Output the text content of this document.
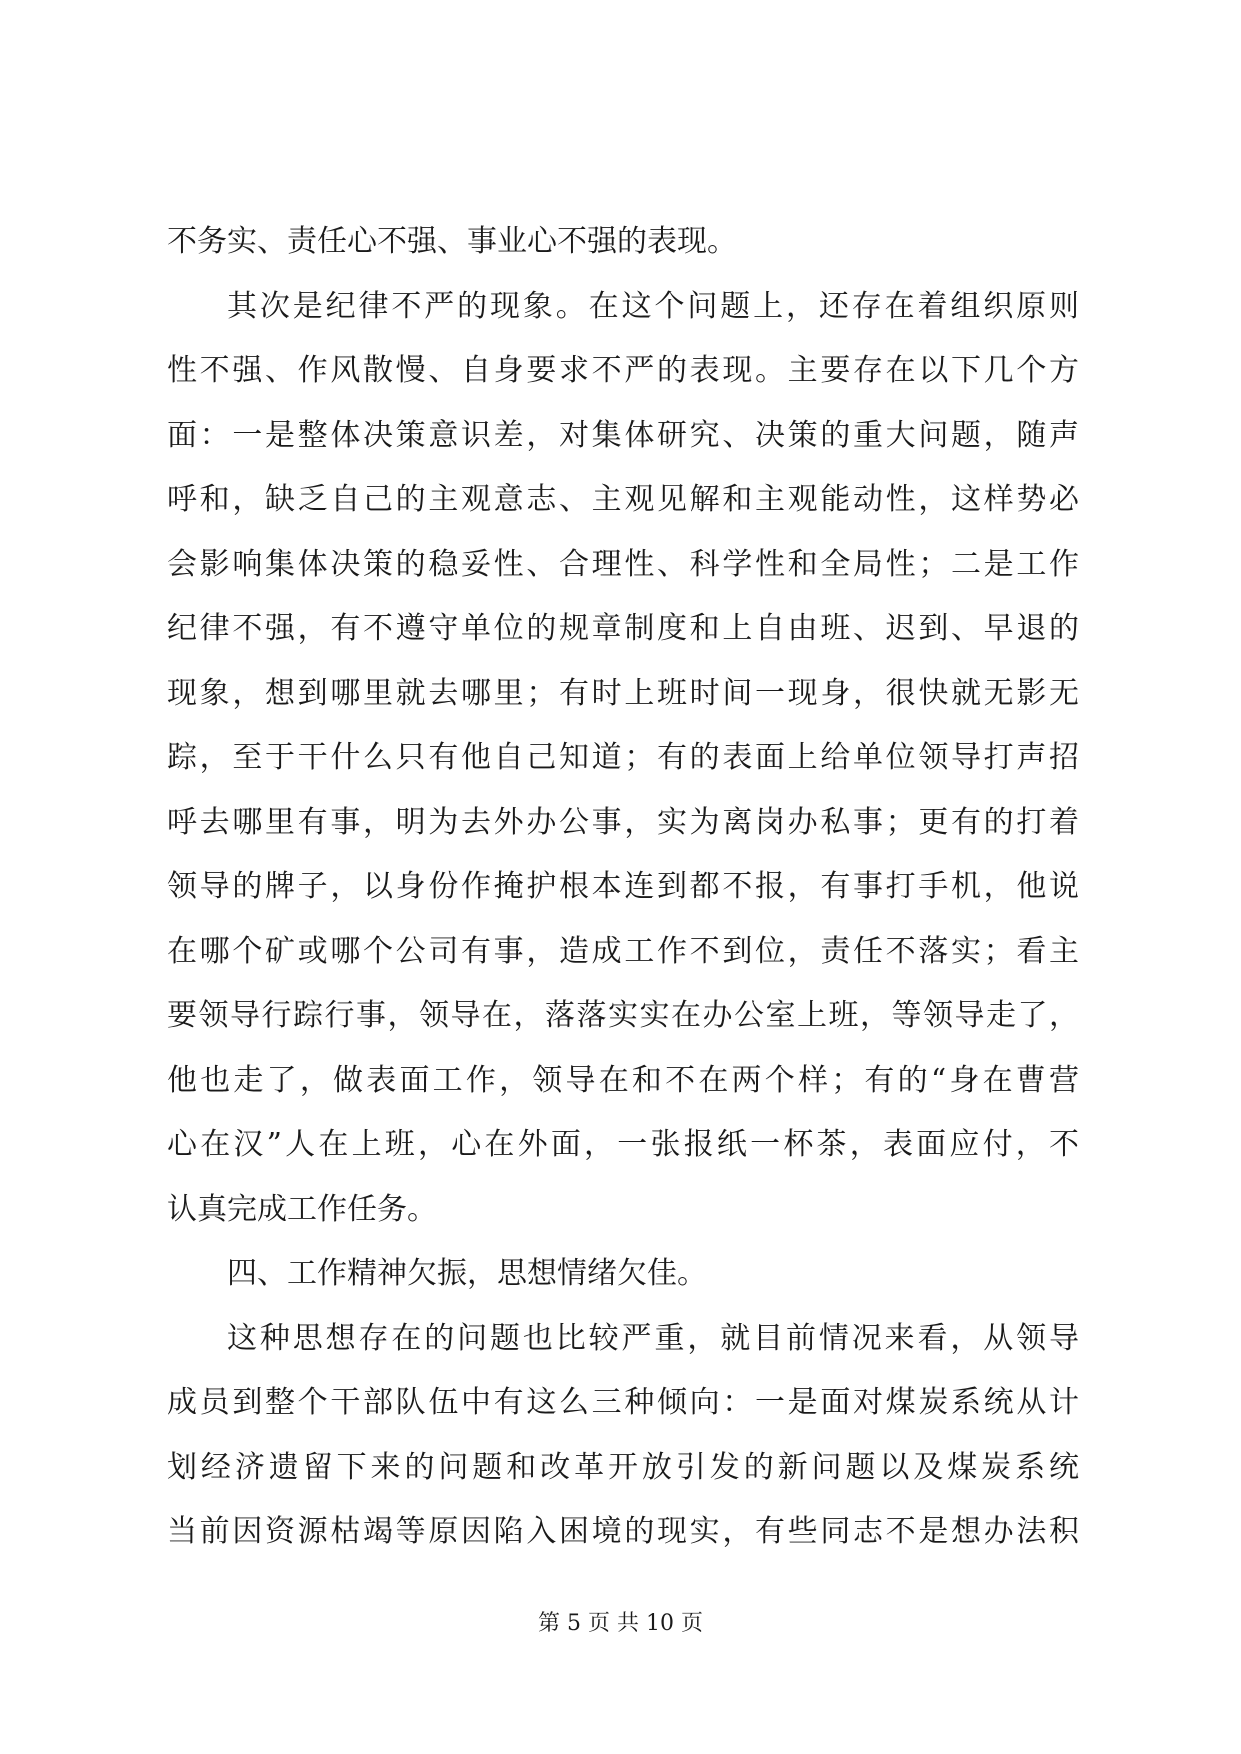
不务实、责任心不强、事业心不强的表现。
其次是纪律不严的现象。在这个问题上，还存在着组织原则
性不强、作风散慢、自身要求不严的表现。主要存在以下几个方
面：一是整体决策意识差，对集体研究、决策的重大问题，随声
呼和，缺乏自己的主观意志、主观见解和主观能动性，这样势必
会影响集体决策的稳妥性、合理性、科学性和全局性；二是工作
纪律不强，有不遵守单位的规章制度和上自由班、迟到、早退的
现象，想到哪里就去哪里；有时上班时间一现身，很快就无影无
踪，至于干什么只有他自己知道；有的表面上给单位领导打声招
呼去哪里有事，明为去外办公事，实为离岗办私事；更有的打着
领导的牌子，以身份作掩护根本连到都不报，有事打手机，他说
在哪个矿或哪个公司有事，造成工作不到位，责任不落实；看主
要领导行踪行事，领导在，落落实实在办公室上班，等领导走了，
他也走了，做表面工作，领导在和不在两个样；有的“身在曹营
心在汉”人在上班，心在外面，一张报纸一杯茶，表面应付，不
认真完成工作任务。
四、工作精神欠振，思想情绪欠佳。
这种思想存在的问题也比较严重，就目前情况来看，从领导
成员到整个干部队伍中有这么三种倾向：一是面对煤炭系统从计
划经济遗留下来的问题和改革开放引发的新问题以及煤炭系统
当前因资源枯竭等原因陷入困境的现实，有些同志不是想办法积
第 5 页 共 10 页
